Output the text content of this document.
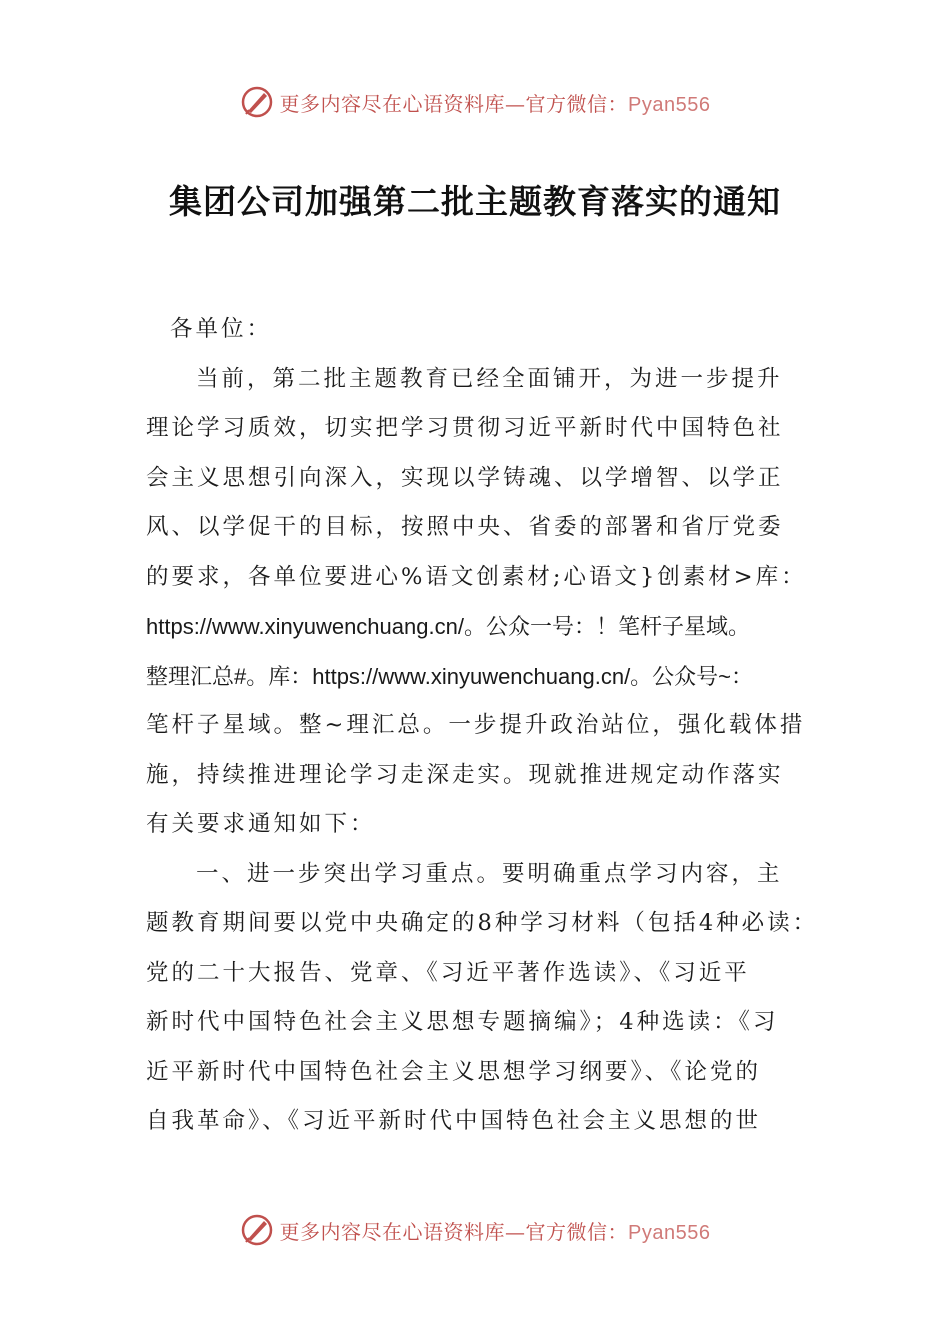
更多内容尽在心语资料库—官方微信：Pyan556
集团公司加强第二批主题教育落实的通知
各单位：
当前，第二批主题教育已经全面铺开，为进一步提升
理论学习质效，切实把学习贯彻习近平新时代中国特色社
会主义思想引向深入，实现以学铸魂、以学增智、以学正
风、以学促干的目标，按照中央、省委的部署和省厅党委
的要求，各单位要进心%语文创素材;心语文}创素材>库：
https://www.xinyuwenchuang.cn/。公众一号：！笔杆子星域。
整理汇总#。库：https://www.xinyuwenchuang.cn/。公众号~：
笔杆子星域。整~理汇总。一步提升政治站位，强化载体措
施，持续推进理论学习走深走实。现就推进规定动作落实
有关要求通知如下：
一、进一步突出学习重点。要明确重点学习内容，主
题教育期间要以党中央确定的8种学习材料（包括4种必读：
党的二十大报告、党章、《习近平著作选读》、《习近平
新时代中国特色社会主义思想专题摘编》；4种选读：《习
近平新时代中国特色社会主义思想学习纲要》、《论党的
自我革命》、《习近平新时代中国特色社会主义思想的世
更多内容尽在心语资料库—官方微信：Pyan556
